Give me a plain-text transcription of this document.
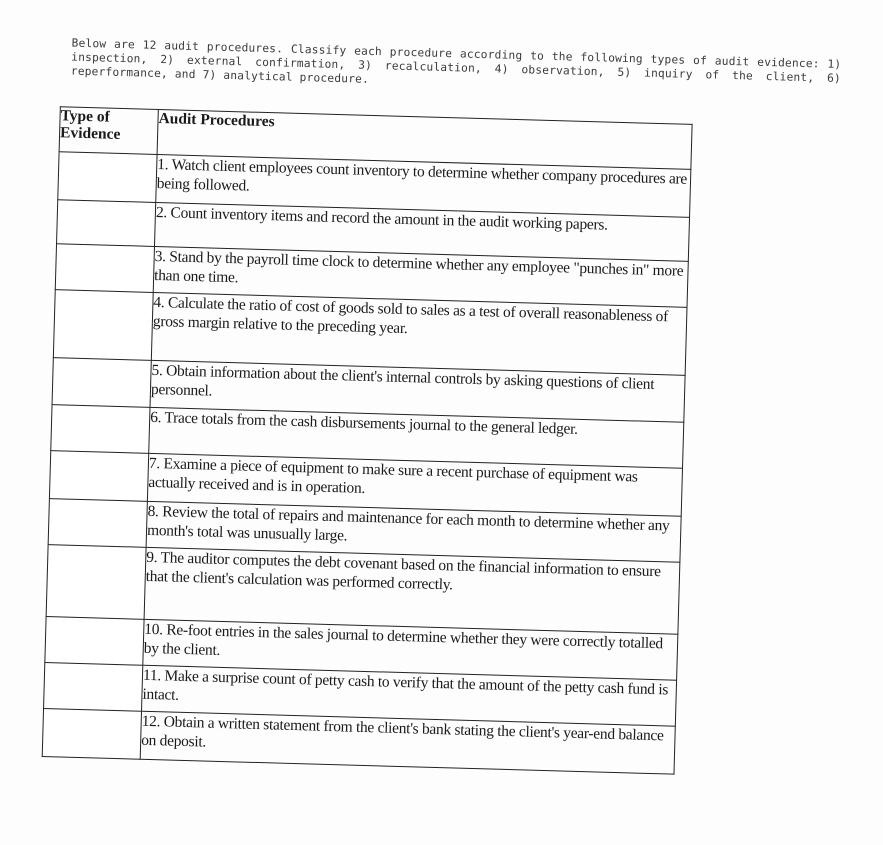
Below are 12 audit procedures. Classify each procedure according to the following types of audit evidence: 1) inspection, 2) external confirmation, 3) recalculation, 4) observation, 5) inquiry of the client, 6) reperformance, and 7) analytical procedure.
Type of Evidence	Audit Procedures
	1. Watch client employees count inventory to determine whether company procedures are being followed.
	2. Count inventory items and record the amount in the audit working papers.
	3. Stand by the payroll time clock to determine whether any employee "punches in" more than one time.
	4. Calculate the ratio of cost of goods sold to sales as a test of overall reasonableness of gross margin relative to the preceding year.
	5. Obtain information about the client's internal controls by asking questions of client personnel.
	6. Trace totals from the cash disbursements journal to the general ledger.
	7. Examine a piece of equipment to make sure a recent purchase of equipment was actually received and is in operation.
	8. Review the total of repairs and maintenance for each month to determine whether any month's total was unusually large.
	9. The auditor computes the debt covenant based on the financial information to ensure that the client's calculation was performed correctly.
	10. Re-foot entries in the sales journal to determine whether they were correctly totalled by the client.
	11. Make a surprise count of petty cash to verify that the amount of the petty cash fund is intact.
	12. Obtain a written statement from the client's bank stating the client's year-end balance on deposit.
